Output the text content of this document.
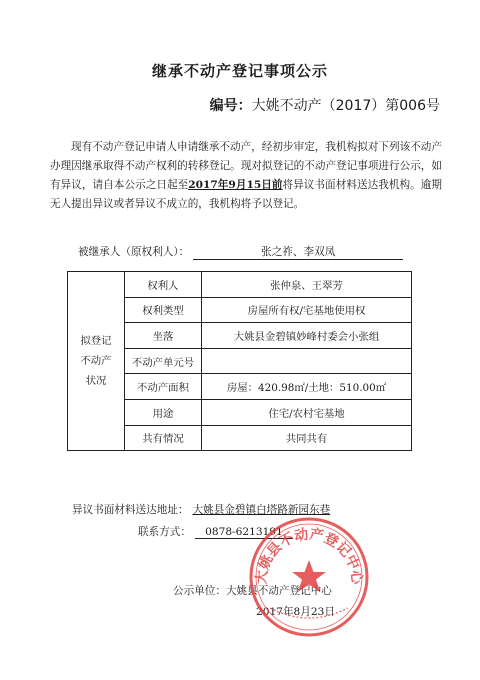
继承不动产登记事项公示
编号：大姚不动产（2017）第006号
现有不动产登记申请人申请继承不动产，经初步审定，我机构拟对下列该不动产办理因继承取得不动产权利的转移登记。现对拟登记的不动产登记事项进行公示，如有异议，请自本公示之日起至2017年9月15日前将异议书面材料送达我机构。逾期无人提出异议或者异议不成立的，我机构将予以登记。
被继承人（原权利人）：	张之祚、李双凤
拟登记
不动产
状况	权利人	张仲泉、王翠芳
	权利类型	房屋所有权/宅基地使用权
	坐落	大姚县金碧镇妙峰村委会小张组
	不动产单元号	
	不动产面积	房屋：420.98㎡/土地：510.00㎡
	用途	住宅/农村宅基地
	共有情况	共同共有
异议书面材料送达地址： 大姚县金碧镇白塔路新园东巷
联系方式： 0878-6213191
公示单位：大姚县不动产登记中心
2017年8月23日
大姚县不动产登记中心
